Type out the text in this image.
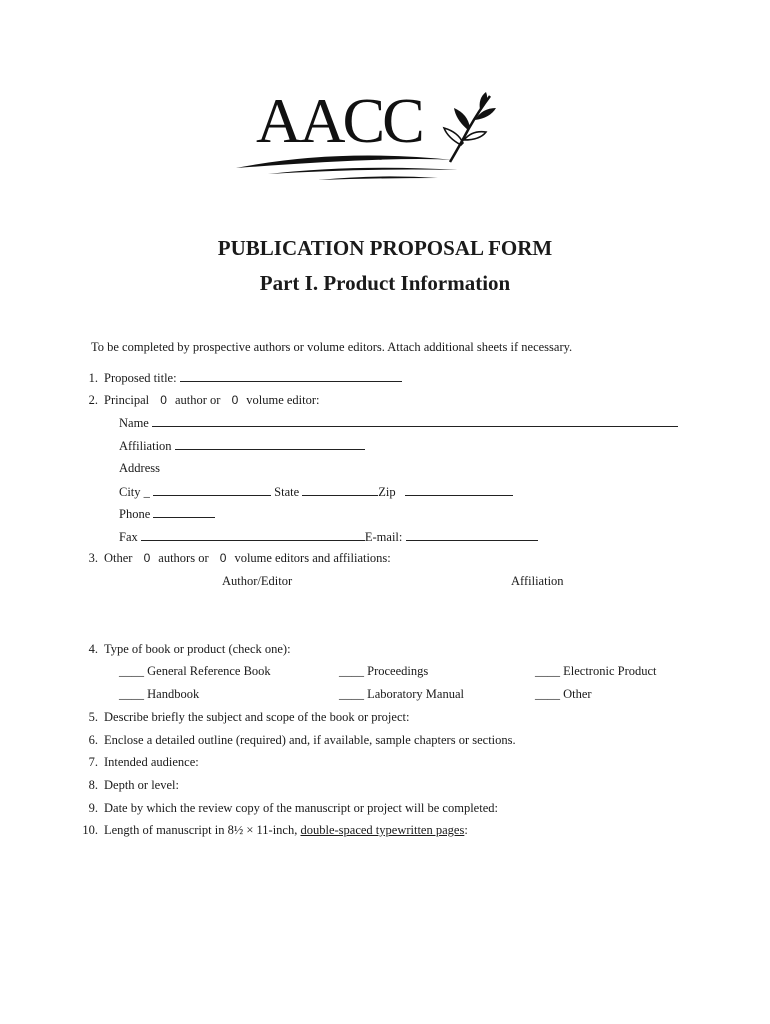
AACC
PUBLICATION PROPOSAL FORM
Part I. Product Information
To be completed by prospective authors or volume editors. Attach additional sheets if necessary.
1. Proposed title:
2. Principal 0 author or 0 volume editor:
Name
Affiliation
Address
City _	State	Zip
Phone
Fax	E-mail:
3. Other 0 authors or 0 volume editors and affiliations:
Author/Editor	Affiliation
4. Type of book or product (check one):
____ General Reference Book	____ Proceedings	____ Electronic Product
____ Handbook	____ Laboratory Manual	____ Other
5. Describe briefly the subject and scope of the book or project:
6. Enclose a detailed outline (required) and, if available, sample chapters or sections.
7. Intended audience:
8. Depth or level:
9. Date by which the review copy of the manuscript or project will be completed:
10. Length of manuscript in 8½ × 11-inch, double-spaced typewritten pages:
